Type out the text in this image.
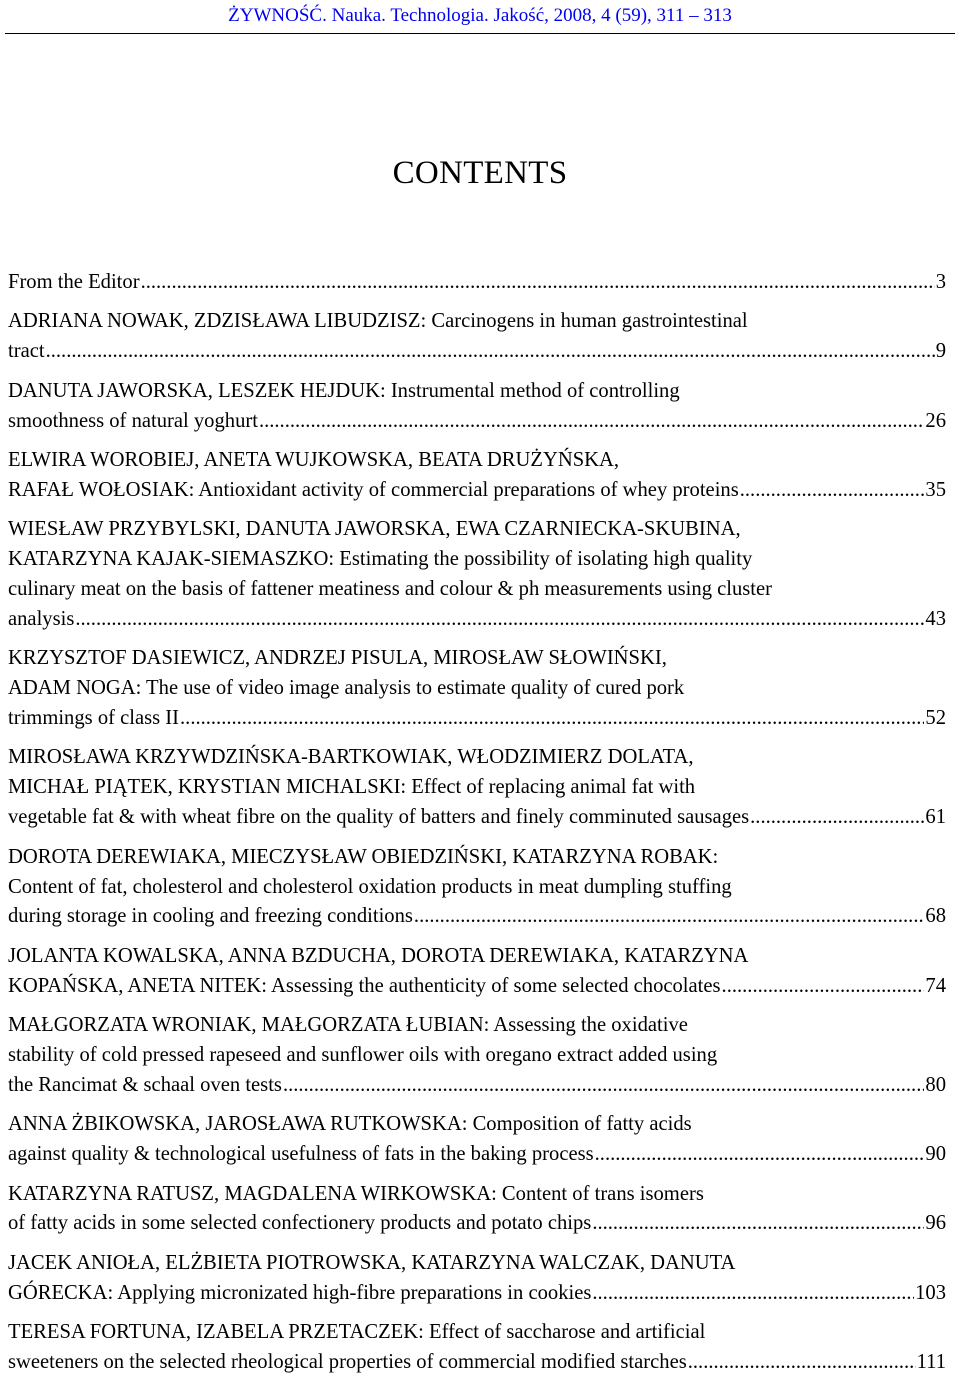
ŻYWNOŚĆ. Nauka. Technologia. Jakość, 2008, 4 (59), 311 – 313
CONTENTS
From the Editor .....	3
ADRIANA NOWAK, ZDZISŁAWA LIBUDZISZ: Carcinogens in human gastrointestinal
tract .....	9
DANUTA JAWORSKA, LESZEK HEJDUK: Instrumental method of controlling
smoothness of natural yoghurt .....	26
ELWIRA WOROBIEJ, ANETA WUJKOWSKA, BEATA DRUŻYŃSKA,
RAFAŁ WOŁOSIAK: Antioxidant activity of commercial preparations of whey proteins .....	35
WIESŁAW PRZYBYLSKI, DANUTA JAWORSKA, EWA CZARNIECKA-SKUBINA,
KATARZYNA KAJAK-SIEMASZKO: Estimating the possibility of isolating high quality
culinary meat on the basis of fattener meatiness and colour & ph measurements using cluster
analysis .....	43
KRZYSZTOF DASIEWICZ, ANDRZEJ PISULA, MIROSŁAW SŁOWIŃSKI,
ADAM NOGA: The use of video image analysis to estimate quality of cured pork
trimmings of class II .....	52
MIROSŁAWA KRZYWDZIŃSKA-BARTKOWIAK, WŁODZIMIERZ DOLATA,
MICHAŁ PIĄTEK, KRYSTIAN MICHALSKI: Effect of replacing animal fat with
vegetable fat & with wheat fibre on the quality of batters and finely comminuted sausages .....	61
DOROTA DEREWIAKA, MIECZYSŁAW OBIEDZIŃSKI, KATARZYNA ROBAK:
Content of fat, cholesterol and cholesterol oxidation products in meat dumpling stuffing
during storage in cooling and freezing conditions .....	68
JOLANTA KOWALSKA, ANNA BZDUCHA, DOROTA DEREWIAKA, KATARZYNA
KOPAŃSKA, ANETA NITEK: Assessing the authenticity of some selected chocolates .....	74
MAŁGORZATA WRONIAK, MAŁGORZATA ŁUBIAN: Assessing the oxidative
stability of cold pressed rapeseed and sunflower oils with oregano extract added using
the Rancimat & schaal oven tests .....	80
ANNA ŻBIKOWSKA, JAROSŁAWA RUTKOWSKA: Composition of fatty acids
against quality & technological usefulness of fats in the baking process .....	90
KATARZYNA RATUSZ, MAGDALENA WIRKOWSKA: Content of trans isomers
of fatty acids in some selected confectionery products and potato chips .....	96
JACEK ANIOŁA, ELŻBIETA PIOTROWSKA, KATARZYNA WALCZAK, DANUTA
GÓRECKA: Applying micronizated high-fibre preparations in cookies .....	103
TERESA FORTUNA, IZABELA PRZETACZEK: Effect of saccharose and artificial
sweeteners on the selected rheological properties of commercial modified starches .....	111
